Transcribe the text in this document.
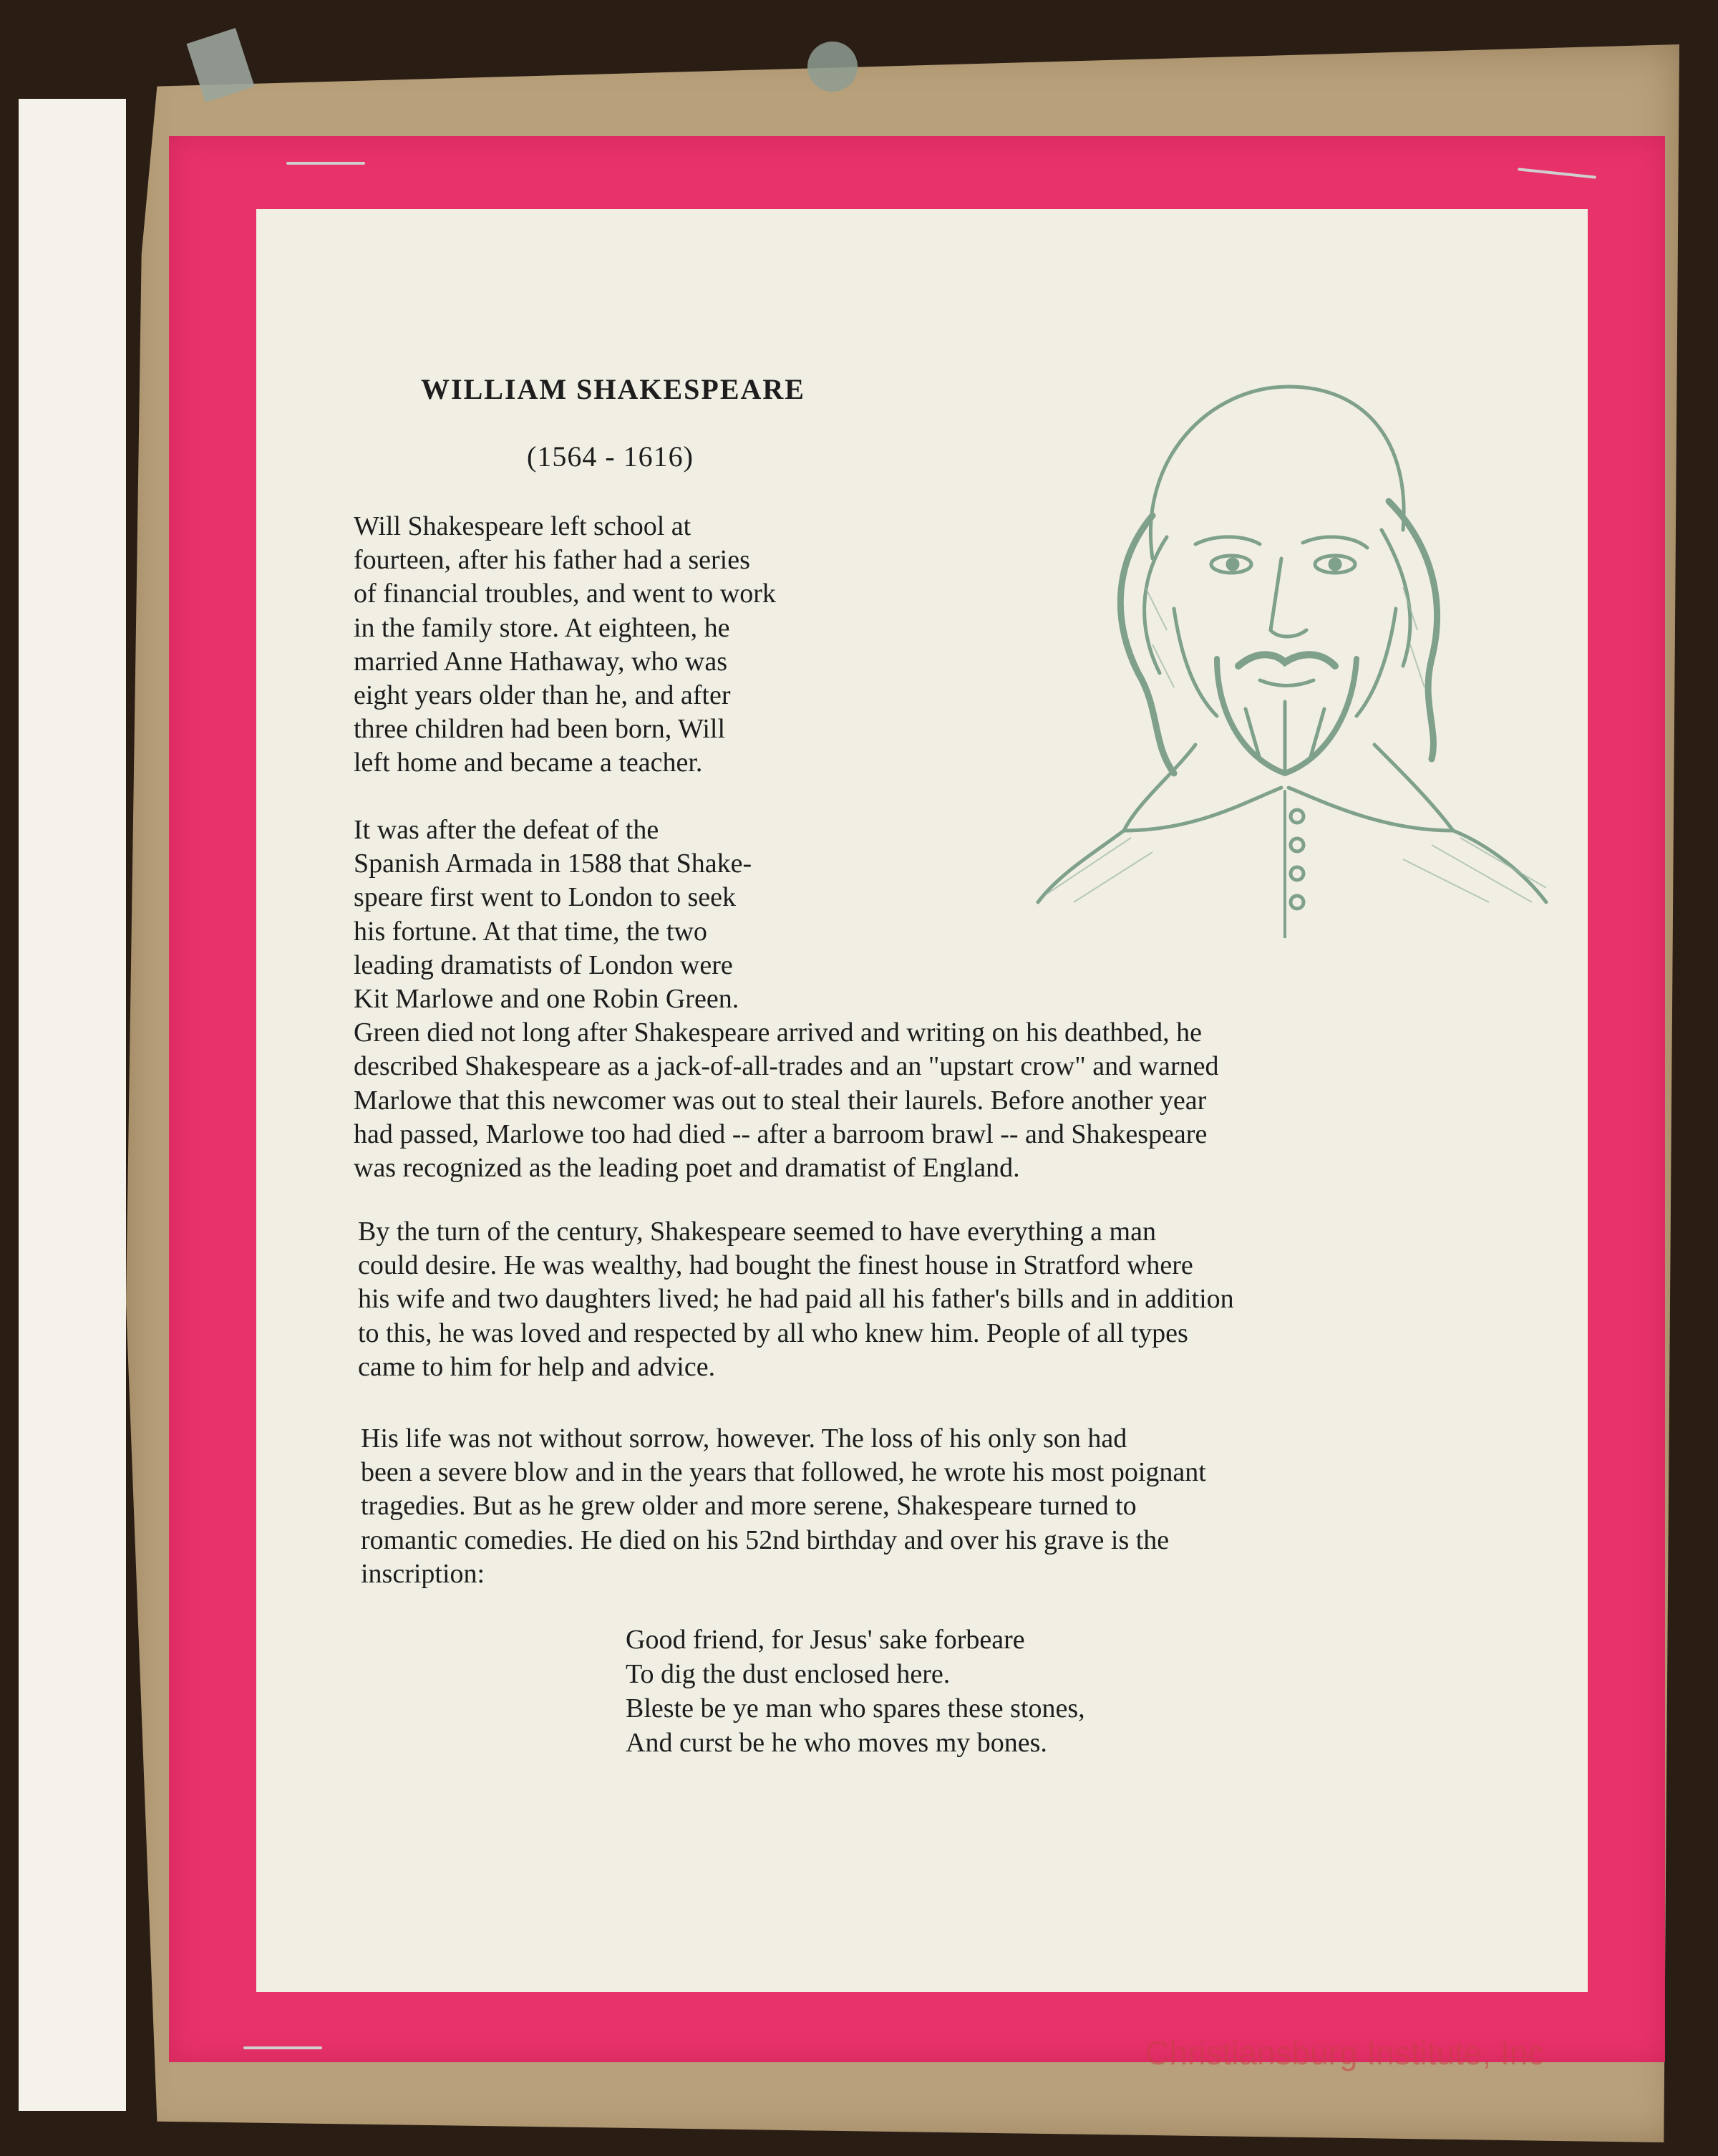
WILLIAM SHAKESPEARE
(1564 - 1616)

Will Shakespeare left school at
fourteen, after his father had a series
of financial troubles, and went to work
in the family store. At eighteen, he
married Anne Hathaway, who was
eight years older than he, and after
three children had been born, Will
left home and became a teacher.

It was after the defeat of the
Spanish Armada in 1588 that Shake-
speare first went to London to seek
his fortune. At that time, the two
leading dramatists of London were
Kit Marlowe and one Robin Green.
Green died not long after Shakespeare arrived and writing on his deathbed, he
described Shakespeare as a jack-of-all-trades and an "upstart crow" and warned
Marlowe that this newcomer was out to steal their laurels. Before another year
had passed, Marlowe too had died -- after a barroom brawl -- and Shakespeare
was recognized as the leading poet and dramatist of England.

By the turn of the century, Shakespeare seemed to have everything a man
could desire. He was wealthy, had bought the finest house in Stratford where
his wife and two daughters lived; he had paid all his father's bills and in addition
to this, he was loved and respected by all who knew him. People of all types
came to him for help and advice.

His life was not without sorrow, however. The loss of his only son had
been a severe blow and in the years that followed, he wrote his most poignant
tragedies. But as he grew older and more serene, Shakespeare turned to
romantic comedies. He died on his 52nd birthday and over his grave is the
inscription:

Good friend, for Jesus' sake forbeare
To dig the dust enclosed here.
Bleste be ye man who spares these stones,
And curst be he who moves my bones.
Christiansburg Institute, Inc
